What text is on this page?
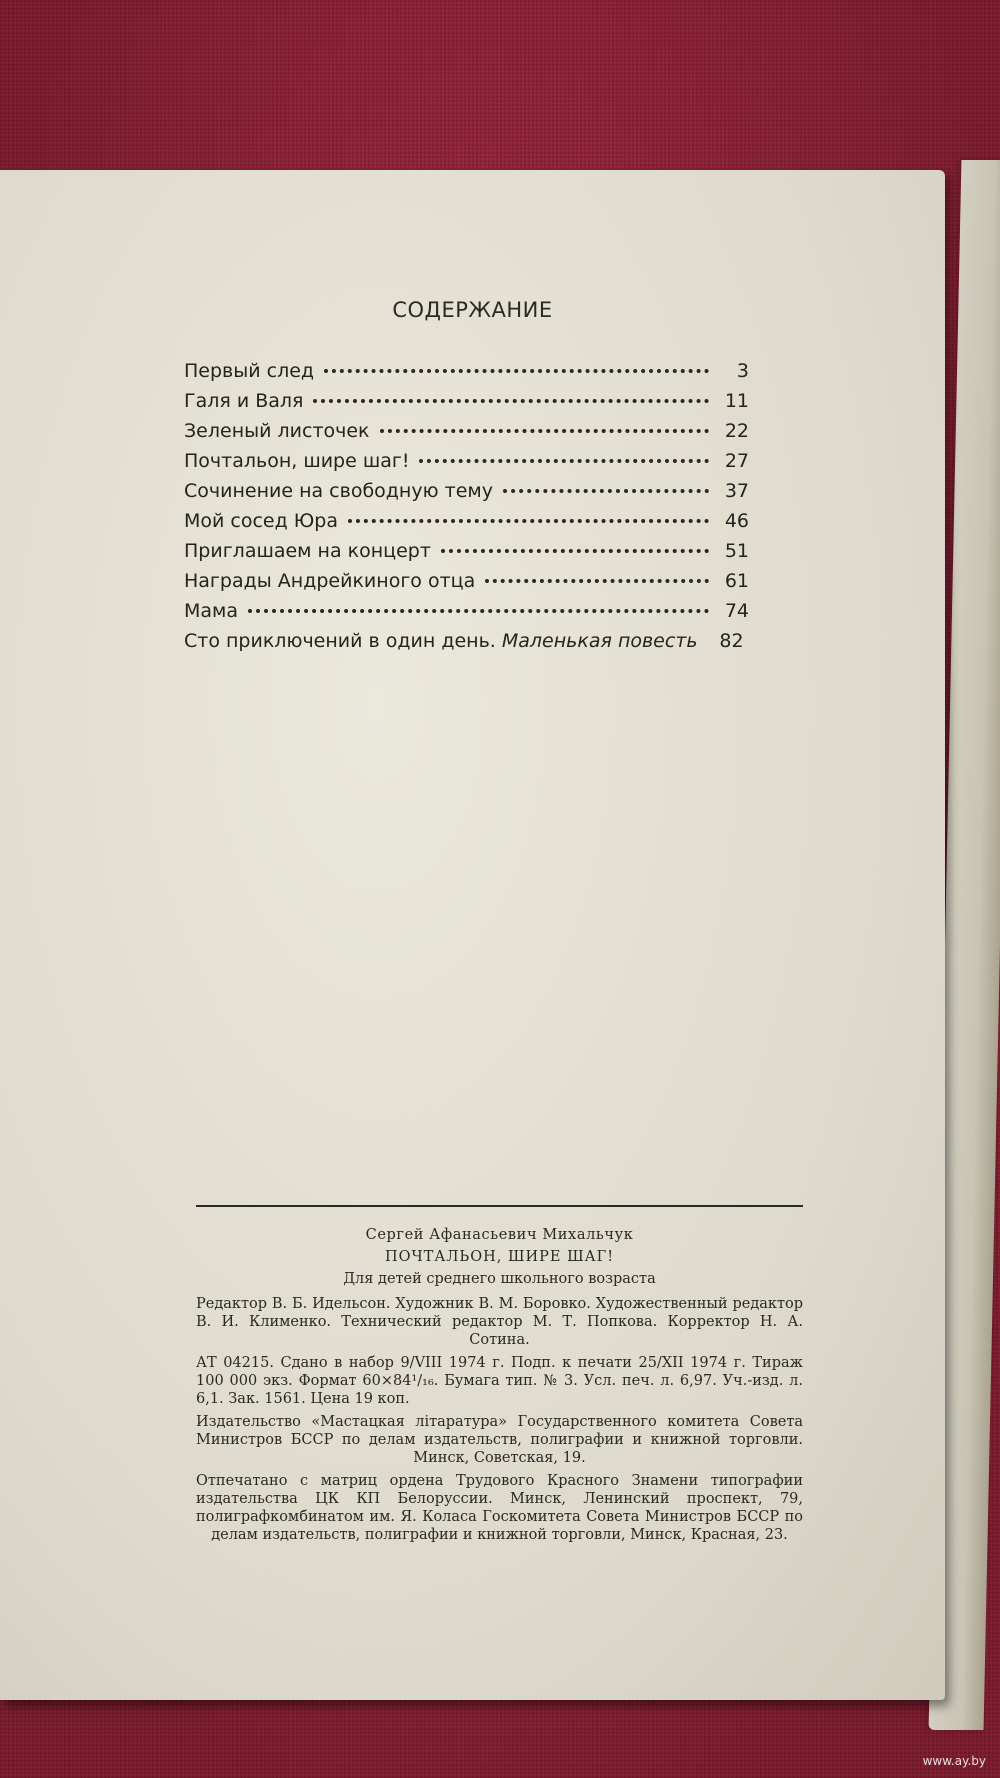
СОДЕРЖАНИЕ
Первый след	3
Галя и Валя	11
Зеленый листочек	22
Почтальон, шире шаг!	27
Сочинение на свободную тему	37
Мой сосед Юра	46
Приглашаем на концерт	51
Награды Андрейкиного отца	61
Мама	74
Сто приключений в один день. Маленькая повесть	82
Сергей Афанасьевич Михальчук
ПОЧТАЛЬОН, ШИРЕ ШАГ!
Для детей среднего школьного возраста
Редактор В. Б. Идельсон. Художник В. М. Боровко. Художественный редактор В. И. Клименко. Технический редактор М. Т. Попкова. Корректор Н. А. Сотина.
АТ 04215. Сдано в набор 9/VIII 1974 г. Подп. к печати 25/XII 1974 г. Тираж 100 000 экз. Формат 60×84¹/₁₆. Бумага тип. № 3. Усл. печ. л. 6,97. Уч.-изд. л. 6,1. Зак. 1561. Цена 19 коп.
Издательство «Мастацкая літаратура» Государственного комитета Совета Министров БССР по делам издательств, полиграфии и книжной торговли. Минск, Советская, 19.
Отпечатано с матриц ордена Трудового Красного Знамени типографии издательства ЦК КП Белоруссии. Минск, Ленинский проспект, 79, полиграфкомбинатом им. Я. Коласа Госкомитета Совета Министров БССР по делам издательств, полиграфии и книжной торговли, Минск, Красная, 23.
www.ay.by
